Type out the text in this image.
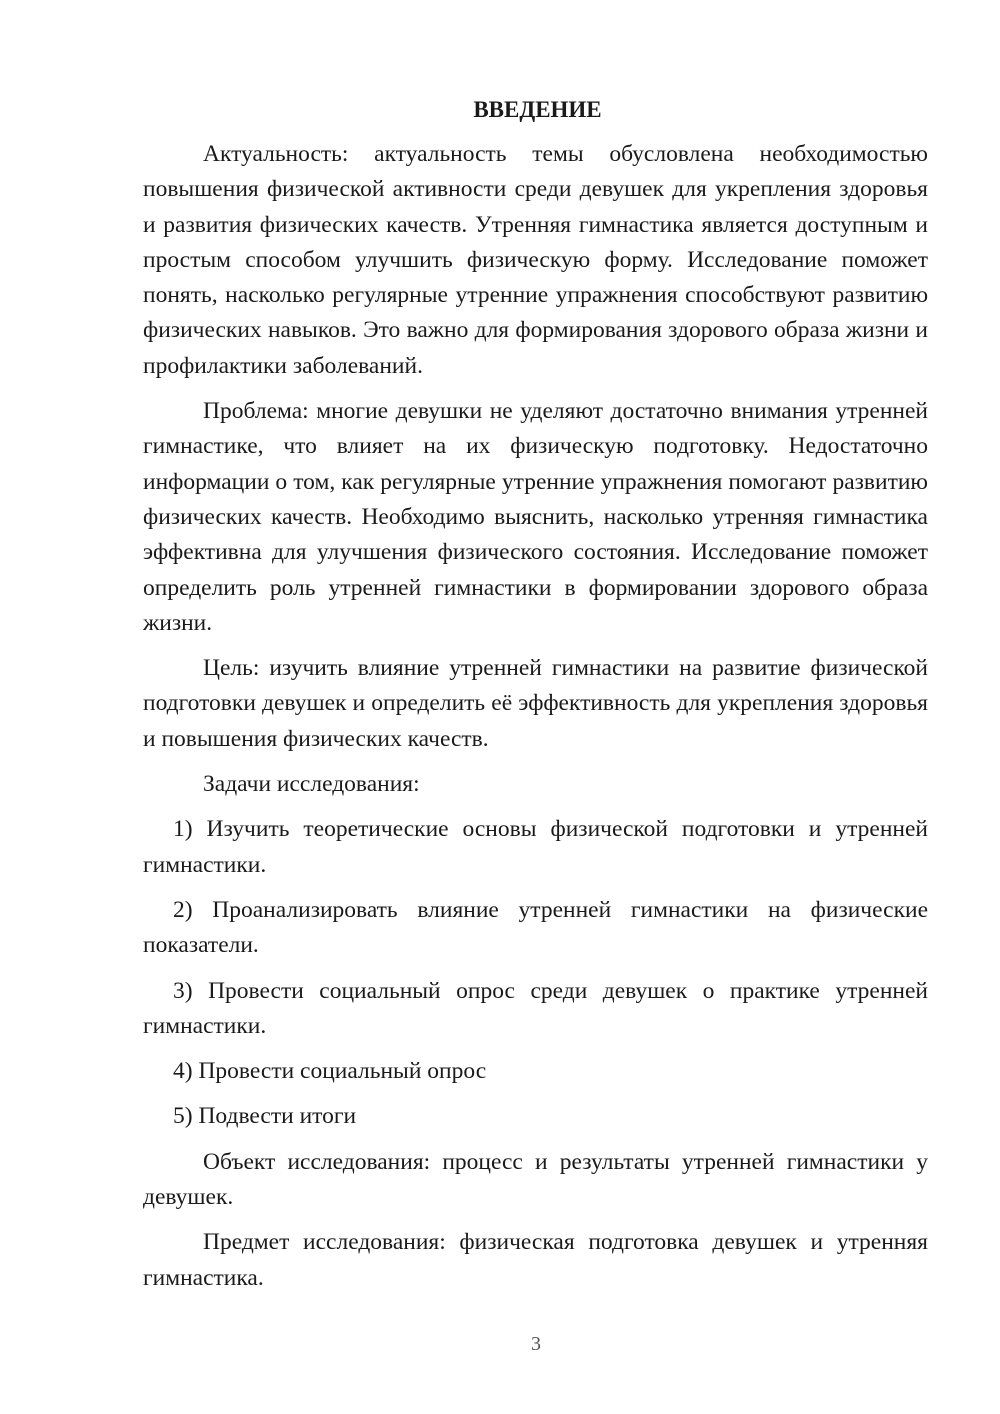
ВВЕДЕНИЕ

Актуальность: актуальность темы обусловлена необходимостью повышения физической активности среди девушек для укрепления здоровья и развития физических качеств. Утренняя гимнастика является доступным и простым способом улучшить физическую форму. Исследование поможет понять, насколько регулярные утренние упражнения способствуют развитию физических навыков. Это важно для формирования здорового образа жизни и профилактики заболеваний.

Проблема: многие девушки не уделяют достаточно внимания утренней гимнастике, что влияет на их физическую подготовку. Недостаточно информации о том, как регулярные утренние упражнения помогают развитию физических качеств. Необходимо выяснить, насколько утренняя гимнастика эффективна для улучшения физического состояния. Исследование поможет определить роль утренней гимнастики в формировании здорового образа жизни.

Цель: изучить влияние утренней гимнастики на развитие физической подготовки девушек и определить её эффективность для укрепления здоровья и повышения физических качеств.

Задачи исследования:

1) Изучить теоретические основы физической подготовки и утренней гимнастики.

2) Проанализировать влияние утренней гимнастики на физические показатели.

3) Провести социальный опрос среди девушек о практике утренней гимнастики.

4) Провести социальный опрос

5) Подвести итоги

Объект исследования: процесс и результаты утренней гимнастики у девушек.

Предмет исследования: физическая подготовка девушек и утренняя гимнастика.

3
